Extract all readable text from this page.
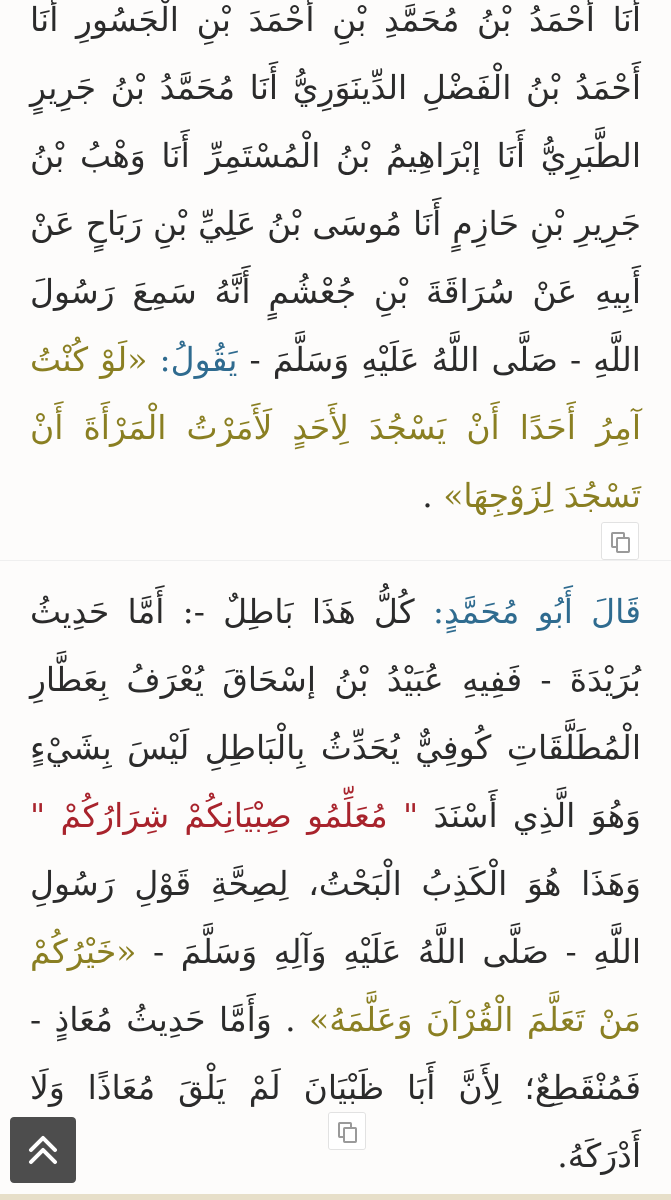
أَنَا أَحْمَدُ بْنُ مُحَمَّدِ بْنِ أَحْمَدَ بْنِ الْجَسُورِ أَنَا أَحْمَدُ بْنُ الْفَضْلِ الدِّينَوَرِيُّ أَنَا مُحَمَّدُ بْنُ جَرِيرٍ الطَّبَرِيُّ أَنَا إبْرَاهِيمُ بْنُ الْمُسْتَمِرِّ أَنَا وَهْبُ بْنُ جَرِيرِ بْنِ حَازِمٍ أَنَا مُوسَى بْنُ عَلِيِّ بْنِ رَبَاحٍ عَنْ أَبِيهِ عَنْ سُرَاقَةَ بْنِ جُعْشُمٍ أَنَّهُ سَمِعَ رَسُولَ اللَّهِ - صَلَّى اللَّهُ عَلَيْهِ وَسَلَّمَ - يَقُولُ: «لَوْ كُنْتُ آمِرُ أَحَدًا أَنْ يَسْجُدَ لِأَحَدٍ لَأَمَرْتُ الْمَرْأَةَ أَنْ تَسْجُدَ لِزَوْجِهَا» .
قَالَ أَبُو مُحَمَّدٍ: كُلُّ هَذَا بَاطِلٌ -: أَمَّا حَدِيثُ بُرَيْدَةَ - فَفِيهِ عُبَيْدُ بْنُ إسْحَاقَ يُعْرَفُ بِعَطَّارِ الْمُطَلَّقَاتِ كُوفِيٌّ يُحَدِّثُ بِالْبَاطِلِ لَيْسَ بِشَيْءٍ وَهُوَ الَّذِي أَسْنَدَ " مُعَلِّمُو صِبْيَانِكُمْ شِرَارُكُمْ " وَهَذَا هُوَ الْكَذِبُ الْبَحْتُ، لِصِحَّةِ قَوْلِ رَسُولِ اللَّهِ - صَلَّى اللَّهُ عَلَيْهِ وَآلِهِ وَسَلَّمَ - «خَيْرُكُمْ مَنْ تَعَلَّمَ الْقُرْآنَ وَعَلَّمَهُ» . وَأَمَّا حَدِيثُ مُعَاذٍ - فَمُنْقَطِعٌ؛ لِأَنَّ أَبَا ظَبْيَانَ لَمْ يَلْقَ مُعَاذًا وَلَا أَدْرَكَهُ.
